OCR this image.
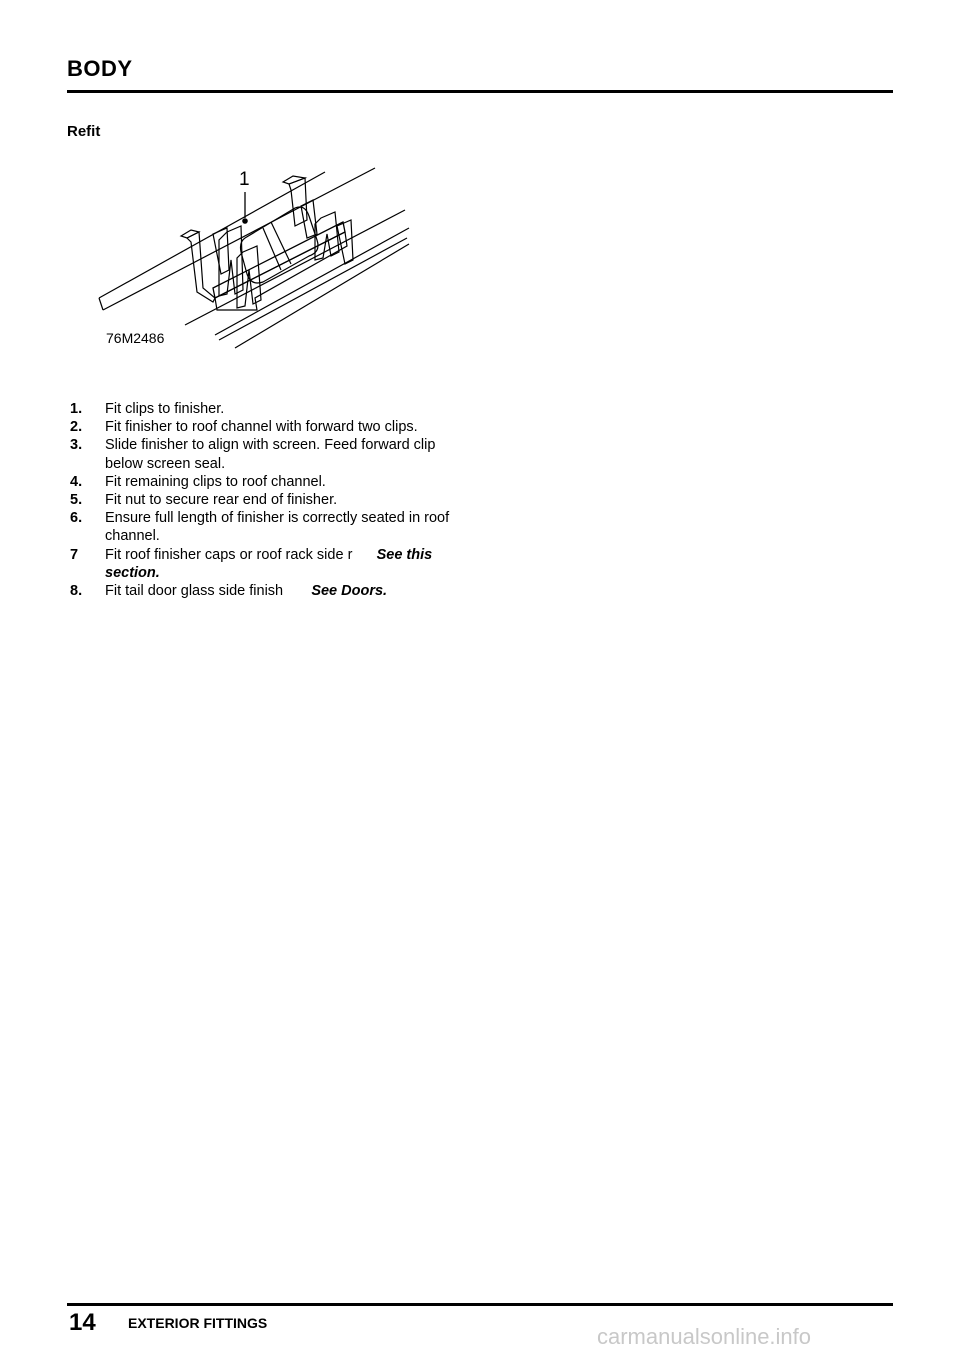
BODY
Refit
1
76M2486
1.	Fit clips to finisher.
2.	Fit finisher to roof channel with forward two clips.
3.	Slide finisher to align with screen. Feed forward clip below screen seal.
4.	Fit remaining clips to roof channel.
5.	Fit nut to secure rear end of finisher.
6.	Ensure full length of finisher is correctly seated in roof channel.
7	Fit roof finisher caps or roof rack side r See this section.
8.	Fit tail door glass side finish See Doors.
14 EXTERIOR FITTINGS
carmanualsonline.info
